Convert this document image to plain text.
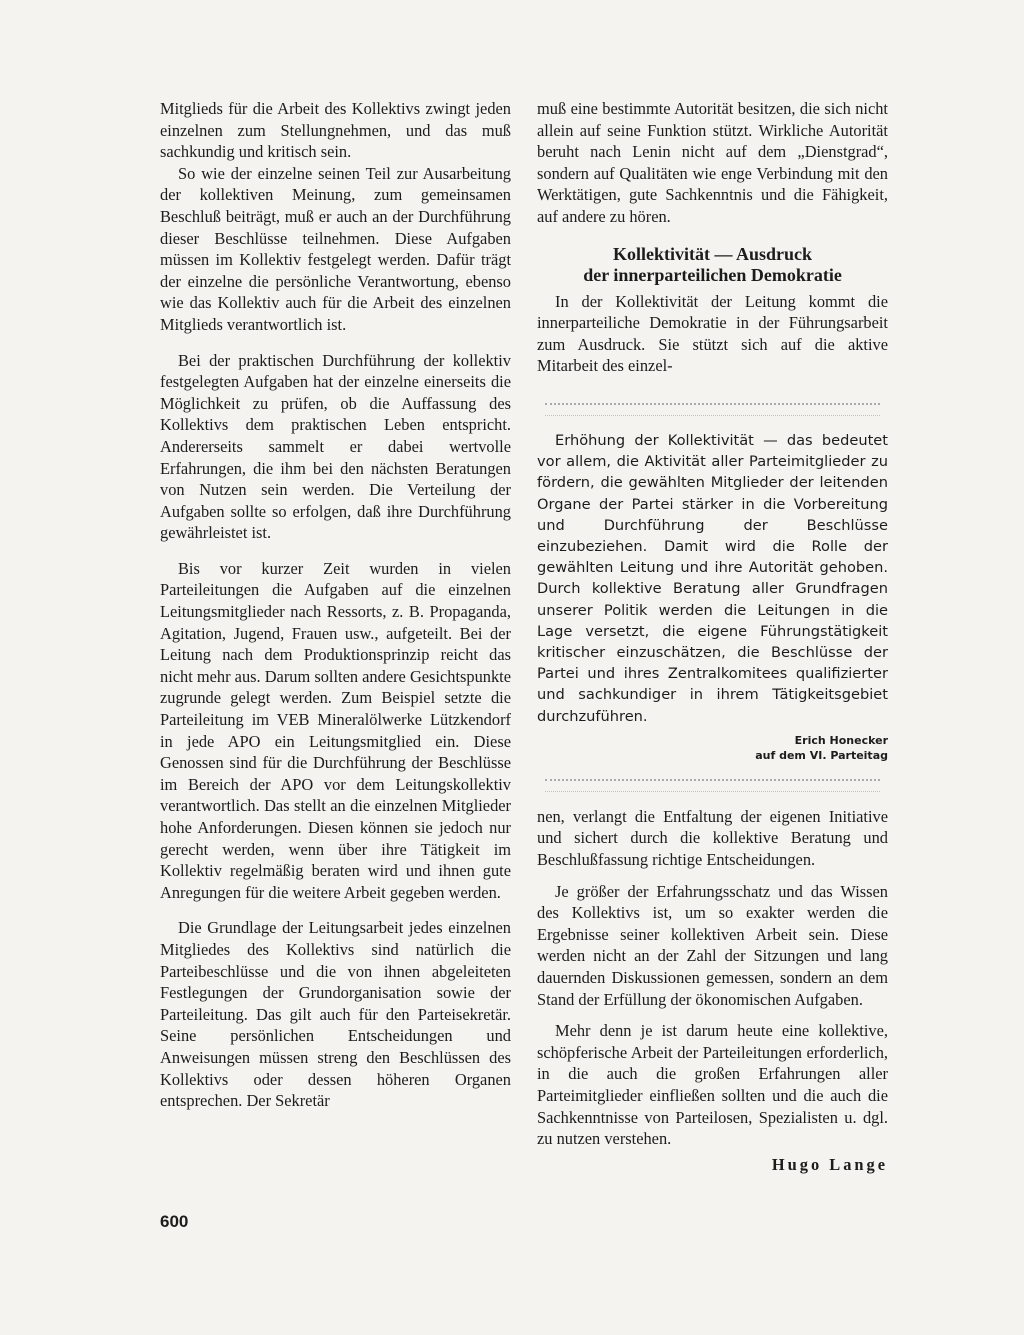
Mitglieds für die Arbeit des Kollektivs zwingt jeden einzelnen zum Stellungnehmen, und das muß sachkundig und kritisch sein.

So wie der einzelne seinen Teil zur Ausarbeitung der kollektiven Meinung, zum gemeinsamen Beschluß beiträgt, muß er auch an der Durchführung dieser Beschlüsse teilnehmen. Diese Aufgaben müssen im Kollektiv festgelegt werden. Dafür trägt der einzelne die persönliche Verantwortung, ebenso wie das Kollektiv auch für die Arbeit des einzelnen Mitglieds verantwortlich ist.

Bei der praktischen Durchführung der kollektiv festgelegten Aufgaben hat der einzelne einerseits die Möglichkeit zu prüfen, ob die Auffassung des Kollektivs dem praktischen Leben entspricht. Andererseits sammelt er dabei wertvolle Erfahrungen, die ihm bei den nächsten Beratungen von Nutzen sein werden. Die Verteilung der Aufgaben sollte so erfolgen, daß ihre Durchführung gewährleistet ist.

Bis vor kurzer Zeit wurden in vielen Parteileitungen die Aufgaben auf die einzelnen Leitungsmitglieder nach Ressorts, z. B. Propaganda, Agitation, Jugend, Frauen usw., aufgeteilt. Bei der Leitung nach dem Produktionsprinzip reicht das nicht mehr aus. Darum sollten andere Gesichtspunkte zugrunde gelegt werden. Zum Beispiel setzte die Parteileitung im VEB Mineralölwerke Lützkendorf in jede APO ein Leitungsmitglied ein. Diese Genossen sind für die Durchführung der Beschlüsse im Bereich der APO vor dem Leitungskollektiv verantwortlich. Das stellt an die einzelnen Mitglieder hohe Anforderungen. Diesen können sie jedoch nur gerecht werden, wenn über ihre Tätigkeit im Kollektiv regelmäßig beraten wird und ihnen gute Anregungen für die weitere Arbeit gegeben werden.

Die Grundlage der Leitungsarbeit jedes einzelnen Mitgliedes des Kollektivs sind natürlich die Parteibeschlüsse und die von ihnen abgeleiteten Festlegungen der Grundorganisation sowie der Parteileitung. Das gilt auch für den Parteisekretär. Seine persönlichen Entscheidungen und Anweisungen müssen streng den Beschlüssen des Kollektivs oder dessen höheren Organen entsprechen. Der Sekretär

muß eine bestimmte Autorität besitzen, die sich nicht allein auf seine Funktion stützt. Wirkliche Autorität beruht nach Lenin nicht auf dem „Dienstgrad“, sondern auf Qualitäten wie enge Verbindung mit den Werktätigen, gute Sachkenntnis und die Fähigkeit, auf andere zu hören.

Kollektivität — Ausdruck
der innerparteilichen Demokratie

In der Kollektivität der Leitung kommt die innerparteiliche Demokratie in der Führungsarbeit zum Ausdruck. Sie stützt sich auf die aktive Mitarbeit des einzel-

Erhöhung der Kollektivität — das bedeutet vor allem, die Aktivität aller Parteimitglieder zu fördern, die gewählten Mitglieder der leitenden Organe der Partei stärker in die Vorbereitung und Durchführung der Beschlüsse einzubeziehen. Damit wird die Rolle der gewählten Leitung und ihre Autorität gehoben. Durch kollektive Beratung aller Grundfragen unserer Politik werden die Leitungen in die Lage versetzt, die eigene Führungstätigkeit kritischer einzuschätzen, die Beschlüsse der Partei und ihres Zentralkomitees qualifizierter und sachkundiger in ihrem Tätigkeitsgebiet durchzuführen.

Erich Honecker
auf dem VI. Parteitag

nen, verlangt die Entfaltung der eigenen Initiative und sichert durch die kollektive Beratung und Beschlußfassung richtige Entscheidungen.

Je größer der Erfahrungsschatz und das Wissen des Kollektivs ist, um so exakter werden die Ergebnisse seiner kollektiven Arbeit sein. Diese werden nicht an der Zahl der Sitzungen und lang dauernden Diskussionen gemessen, sondern an dem Stand der Erfüllung der ökonomischen Aufgaben.

Mehr denn je ist darum heute eine kollektive, schöpferische Arbeit der Parteileitungen erforderlich, in die auch die großen Erfahrungen aller Parteimitglieder einfließen sollten und die auch die Sachkenntnisse von Parteilosen, Spezialisten u. dgl. zu nutzen verstehen.

Hugo Lange
600
